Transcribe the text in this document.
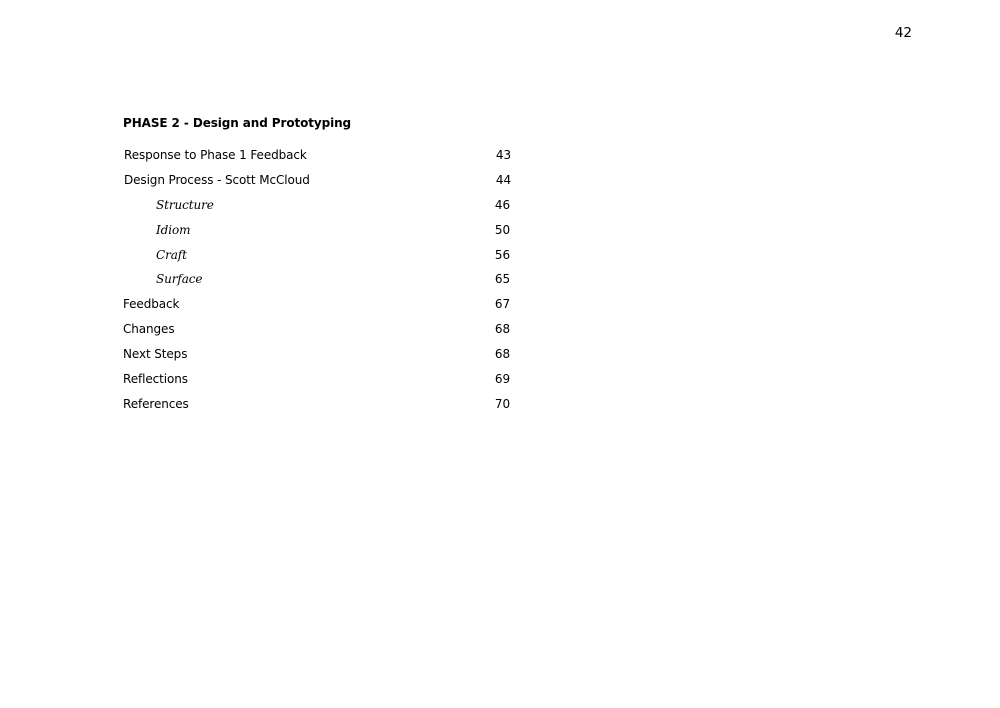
42
PHASE 2 - Design and Prototyping
Response to Phase 1 Feedback	43
Design Process - Scott McCloud	44
Structure	46
Idiom	50
Craft	56
Surface	65
Feedback	67
Changes	68
Next Steps	68
Reflections	69
References	70
